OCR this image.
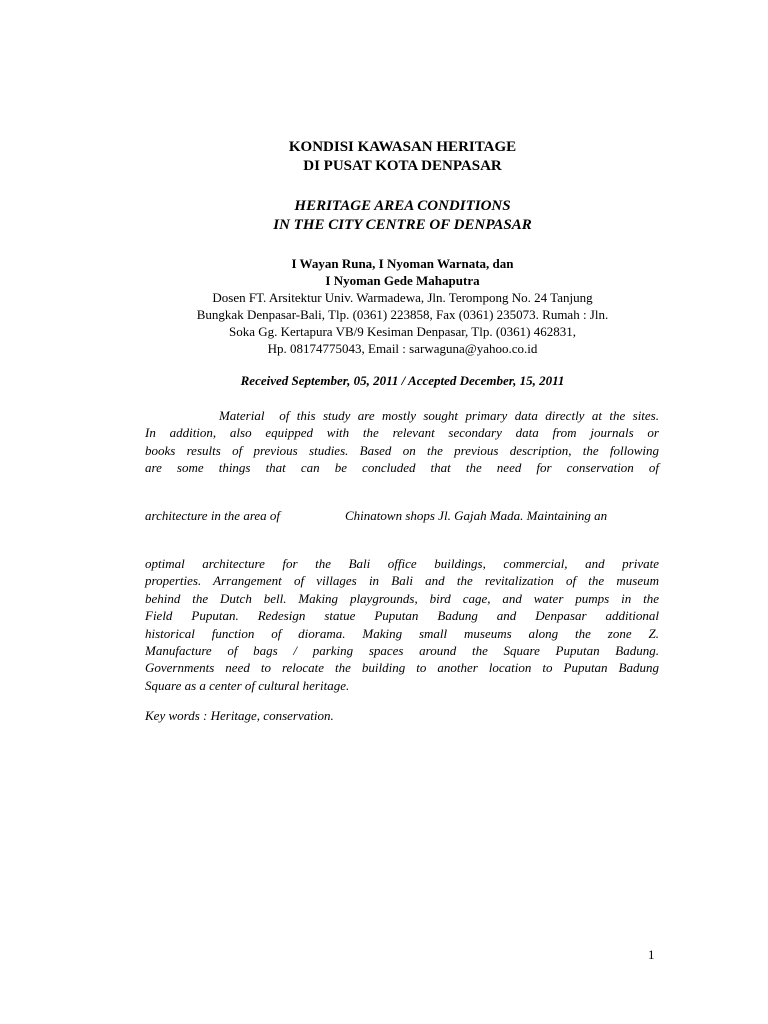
KONDISI KAWASAN HERITAGE
DI PUSAT KOTA DENPASAR
HERITAGE AREA CONDITIONS
IN THE CITY CENTRE OF DENPASAR
I Wayan Runa, I Nyoman Warnata, dan
I Nyoman Gede Mahaputra
Dosen FT. Arsitektur Univ. Warmadewa, Jln. Terompong No. 24 Tanjung
Bungkak Denpasar-Bali, Tlp. (0361) 223858, Fax (0361) 235073. Rumah : Jln.
Soka Gg. Kertapura VB/9 Kesiman Denpasar, Tlp. (0361) 462831,
Hp. 08174775043, Email : sarwaguna@yahoo.co.id
Received September, 05, 2011 / Accepted December, 15, 2011
Material  of this study are mostly sought primary data directly at the sites.
In addition, also equipped with the relevant secondary data from journals or
books results of previous studies. Based on the previous description, the following
are some things that can be concluded that the need for conservation of
architecture in the area of	Chinatown shops Jl. Gajah Mada. Maintaining an
optimal architecture for the Bali office buildings, commercial, and private
properties. Arrangement of villages in Bali and the revitalization of the museum
behind the Dutch bell. Making playgrounds, bird cage, and water pumps in the
Field Puputan. Redesign statue Puputan Badung and Denpasar additional
historical function of diorama. Making small museums along the zone Z.
Manufacture of bags / parking spaces around the Square Puputan Badung.
Governments need to relocate the building to another location to Puputan Badung
Square as a center of cultural heritage.
Key words : Heritage, conservation.
1
